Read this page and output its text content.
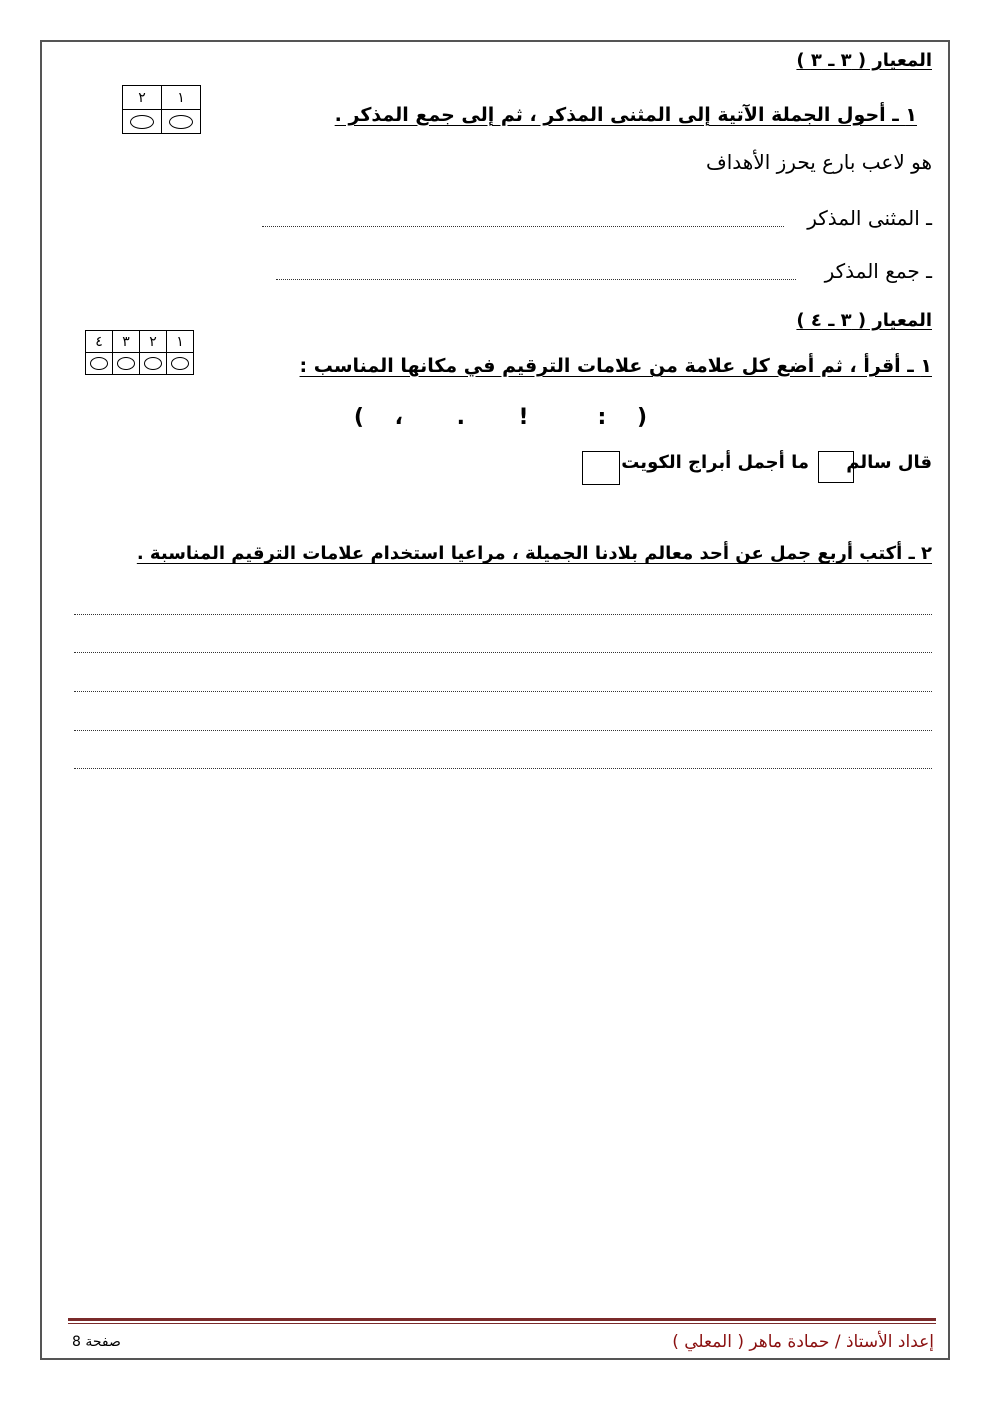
المعيار ( ٣ ـ ٣ )
١	٢

١ ـ أحول الجملة الآتية إلى المثنى المذكر ، ثم إلى جمع المذكر .
هو لاعب بارع يحرز الأهداف
ـ المثنى المذكر
ـ جمع المذكر
المعيار ( ٣ ـ ٤ )
١	٢	٣	٤

١ ـ أقرأ ، ثم أضع كل علامة من علامات الترقيم في مكانها المناسب :
(    :         !       .       ،    )
قال سالم
ما أجمل أبراج الكويت
٢ ـ أكتب أربع جمل عن أحد معالم بلادنا الجميلة ، مراعيا استخدام علامات الترقيم المناسبة .
إعداد الأستاذ / حمادة ماهر ( المعلي )
صفحة 8
